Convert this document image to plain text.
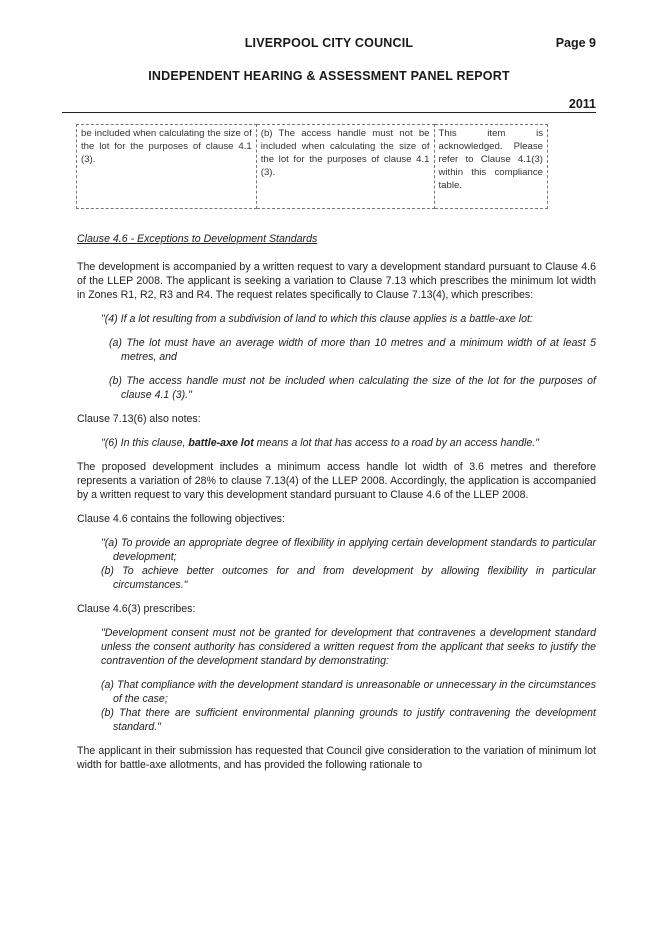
LIVERPOOL CITY COUNCIL	Page 9
INDEPENDENT HEARING & ASSESSMENT PANEL REPORT
2011
be included when calculating the size of the lot for the purposes of clause 4.1 (3).	(b) The access handle must not be included when calculating the size of the lot for the purposes of clause 4.1 (3).	This item is acknowledged. Please refer to Clause 4.1(3) within this compliance table.

Clause 4.6 - Exceptions to Development Standards

The development is accompanied by a written request to vary a development standard pursuant to Clause 4.6 of the LLEP 2008. The applicant is seeking a variation to Clause 7.13 which prescribes the minimum lot width in Zones R1, R2, R3 and R4. The request relates specifically to Clause 7.13(4), which prescribes:

"(4) If a lot resulting from a subdivision of land to which this clause applies is a battle-axe lot:

(a) The lot must have an average width of more than 10 metres and a minimum width of at least 5 metres, and

(b) The access handle must not be included when calculating the size of the lot for the purposes of clause 4.1 (3)."

Clause 7.13(6) also notes:

"(6) In this clause, battle-axe lot means a lot that has access to a road by an access handle."

The proposed development includes a minimum access handle lot width of 3.6 metres and therefore represents a variation of 28% to clause 7.13(4) of the LLEP 2008. Accordingly, the application is accompanied by a written request to vary this development standard pursuant to Clause 4.6 of the LLEP 2008.

Clause 4.6 contains the following objectives:

"(a) To provide an appropriate degree of flexibility in applying certain development standards to particular development;

(b) To achieve better outcomes for and from development by allowing flexibility in particular circumstances."

Clause 4.6(3) prescribes:

"Development consent must not be granted for development that contravenes a development standard unless the consent authority has considered a written request from the applicant that seeks to justify the contravention of the development standard by demonstrating:

(a) That compliance with the development standard is unreasonable or unnecessary in the circumstances of the case;

(b) That there are sufficient environmental planning grounds to justify contravening the development standard."

The applicant in their submission has requested that Council give consideration to the variation of minimum lot width for battle-axe allotments, and has provided the following rationale to
